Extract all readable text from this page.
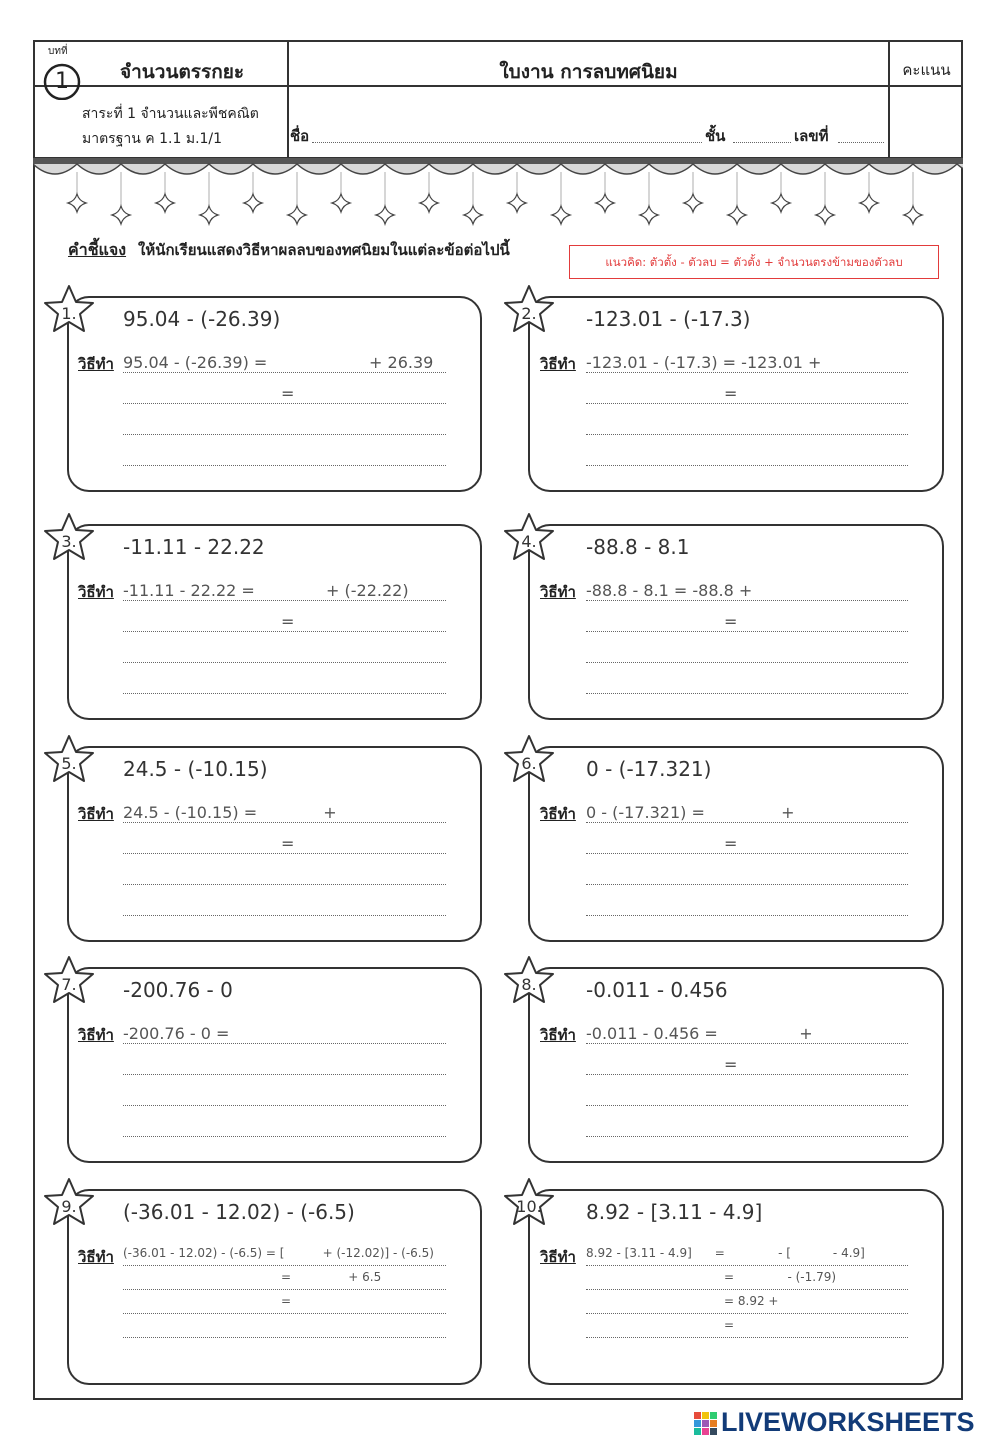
บทที่
1	จำนวนตรรกยะ	ใบงาน การลบทศนิยม	คะแนน
สาระที่ 1 จำนวนและพีชคณิต
มาตรฐาน ค 1.1 ม.1/1	ชื่อ	ชั้น	เลขที่
คำชี้แจง ให้นักเรียนแสดงวิธีหาผลลบของทศนิยมในแต่ละข้อต่อไปนี้
แนวคิด: ตัวตั้ง - ตัวลบ = ตัวตั้ง + จำนวนตรงข้ามของตัวลบ
1.	95.04 - (-26.39)
วิธีทำ 95.04 - (-26.39) =                    + 26.39
=
2.	-123.01 - (-17.3)
วิธีทำ -123.01 - (-17.3) = -123.01 +
=
3.	-11.11 - 22.22
วิธีทำ -11.11 - 22.22 =              + (-22.22)
=
4.	-88.8 - 8.1
วิธีทำ -88.8 - 8.1 = -88.8 +
=
5.	24.5 - (-10.15)
วิธีทำ 24.5 - (-10.15) =             +
=
6.	0 - (-17.321)
วิธีทำ 0 - (-17.321) =               +
=
7.	-200.76 - 0
วิธีทำ -200.76 - 0 =
8.	-0.011 - 0.456
วิธีทำ -0.011 - 0.456 =                +
=
9.	(-36.01 - 12.02) - (-6.5)
วิธีทำ (-36.01 - 12.02) - (-6.5) = [          + (-12.02)] - (-6.5)
=               + 6.5
=
10.	8.92 - [3.11 - 4.9]
วิธีทำ 8.92 - [3.11 - 4.9]      =              - [           - 4.9]
=              - (-1.79)
= 8.92 +
=
LIVEWORKSHEETS
